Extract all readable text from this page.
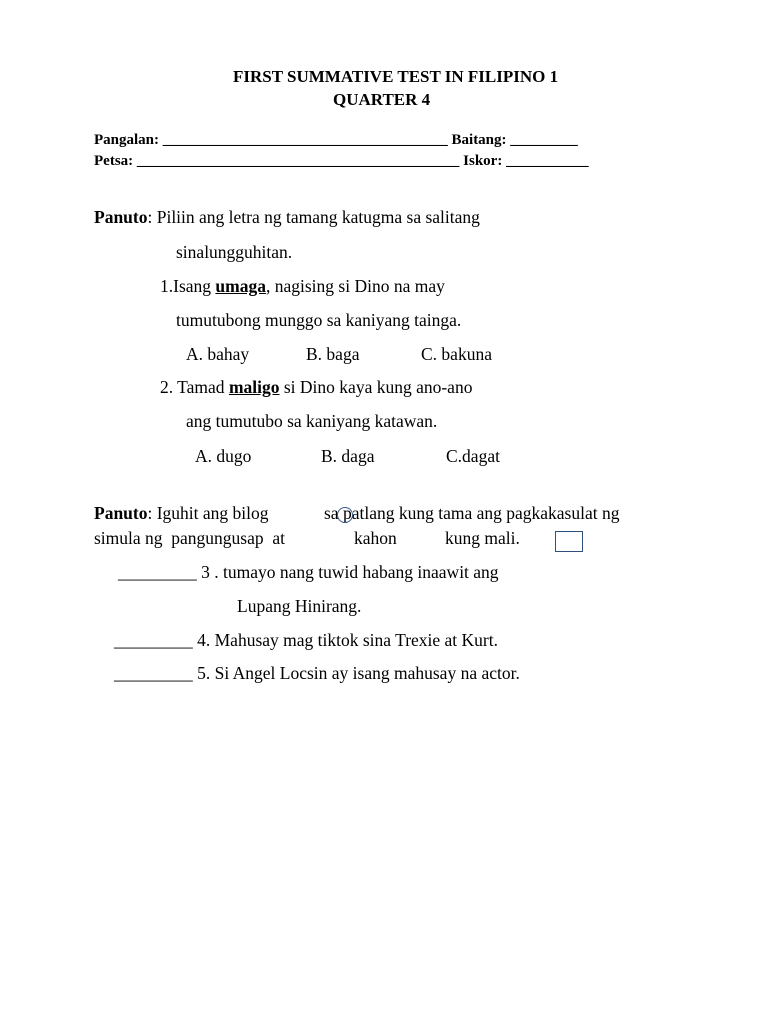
FIRST SUMMATIVE TEST IN FILIPINO 1
QUARTER 4
Pangalan: ______________________________________ Baitang: _________
Petsa: ___________________________________________ Iskor: ___________
Panuto: Piliin ang letra ng tamang katugma sa salitang
sinalungguhitan.
1.Isang umaga, nagising si Dino na may
tumutubong munggo sa kaniyang tainga.
A. bahay	B. baga	C. bakuna
2. Tamad maligo si Dino kaya kung ano-ano
ang tumutubo sa kaniyang katawan.
A. dugo	B. daga	C.dagat
Panuto: Iguhit ang bilog	sa patlang kung tama ang pagkakasulat ng
simula ng  pangungusap  at	kahon	kung mali.
_________ 3 . tumayo nang tuwid habang inaawit ang
Lupang Hinirang.
_________ 4. Mahusay mag tiktok sina Trexie at Kurt.
_________ 5. Si Angel Locsin ay isang mahusay na actor.
